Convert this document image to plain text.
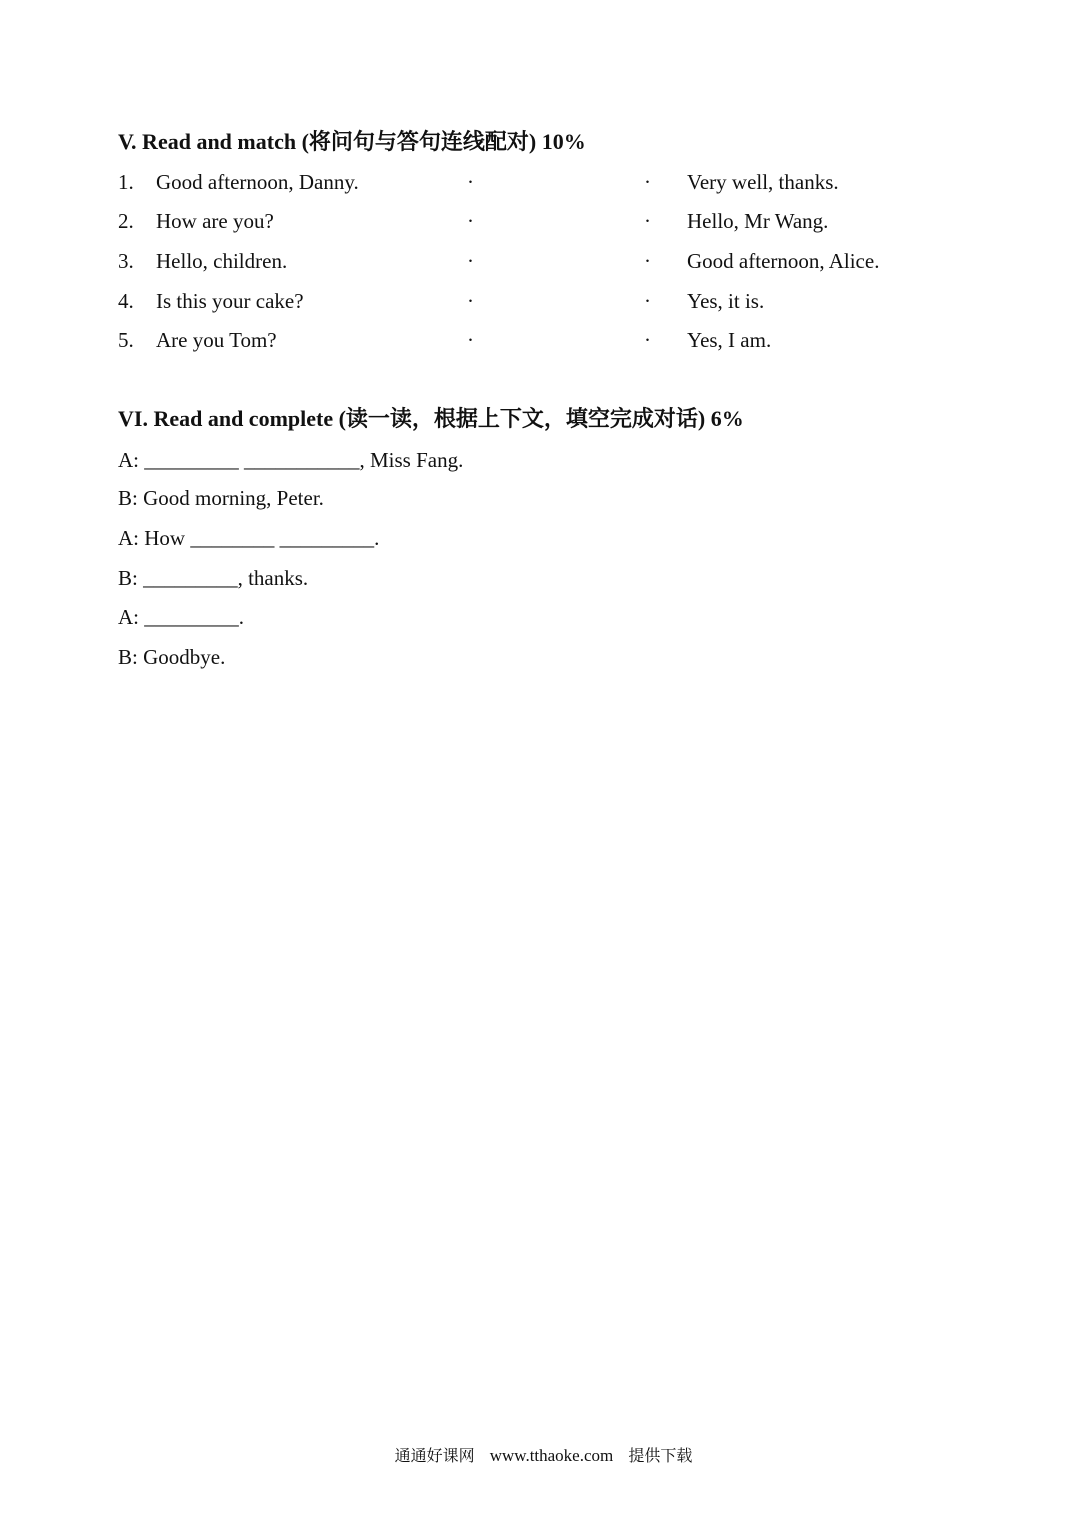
V. Read and match (将问句与答句连线配对) 10%
1. Good afternoon, Danny.	·	· Very well, thanks.
2. How are you?	·	· Hello, Mr Wang.
3. Hello, children.	·	· Good afternoon, Alice.
4. Is this your cake?	·	· Yes, it is.
5. Are you Tom?	·	· Yes, I am.
VI. Read and complete (读一读，根据上下文，填空完成对话) 6%
A: _________ ___________, Miss Fang.
B: Good morning, Peter.
A: How ________ _________.
B: _________, thanks.
A: _________.
B: Goodbye.
通通好课网 www.tthaoke.com 提供下载
